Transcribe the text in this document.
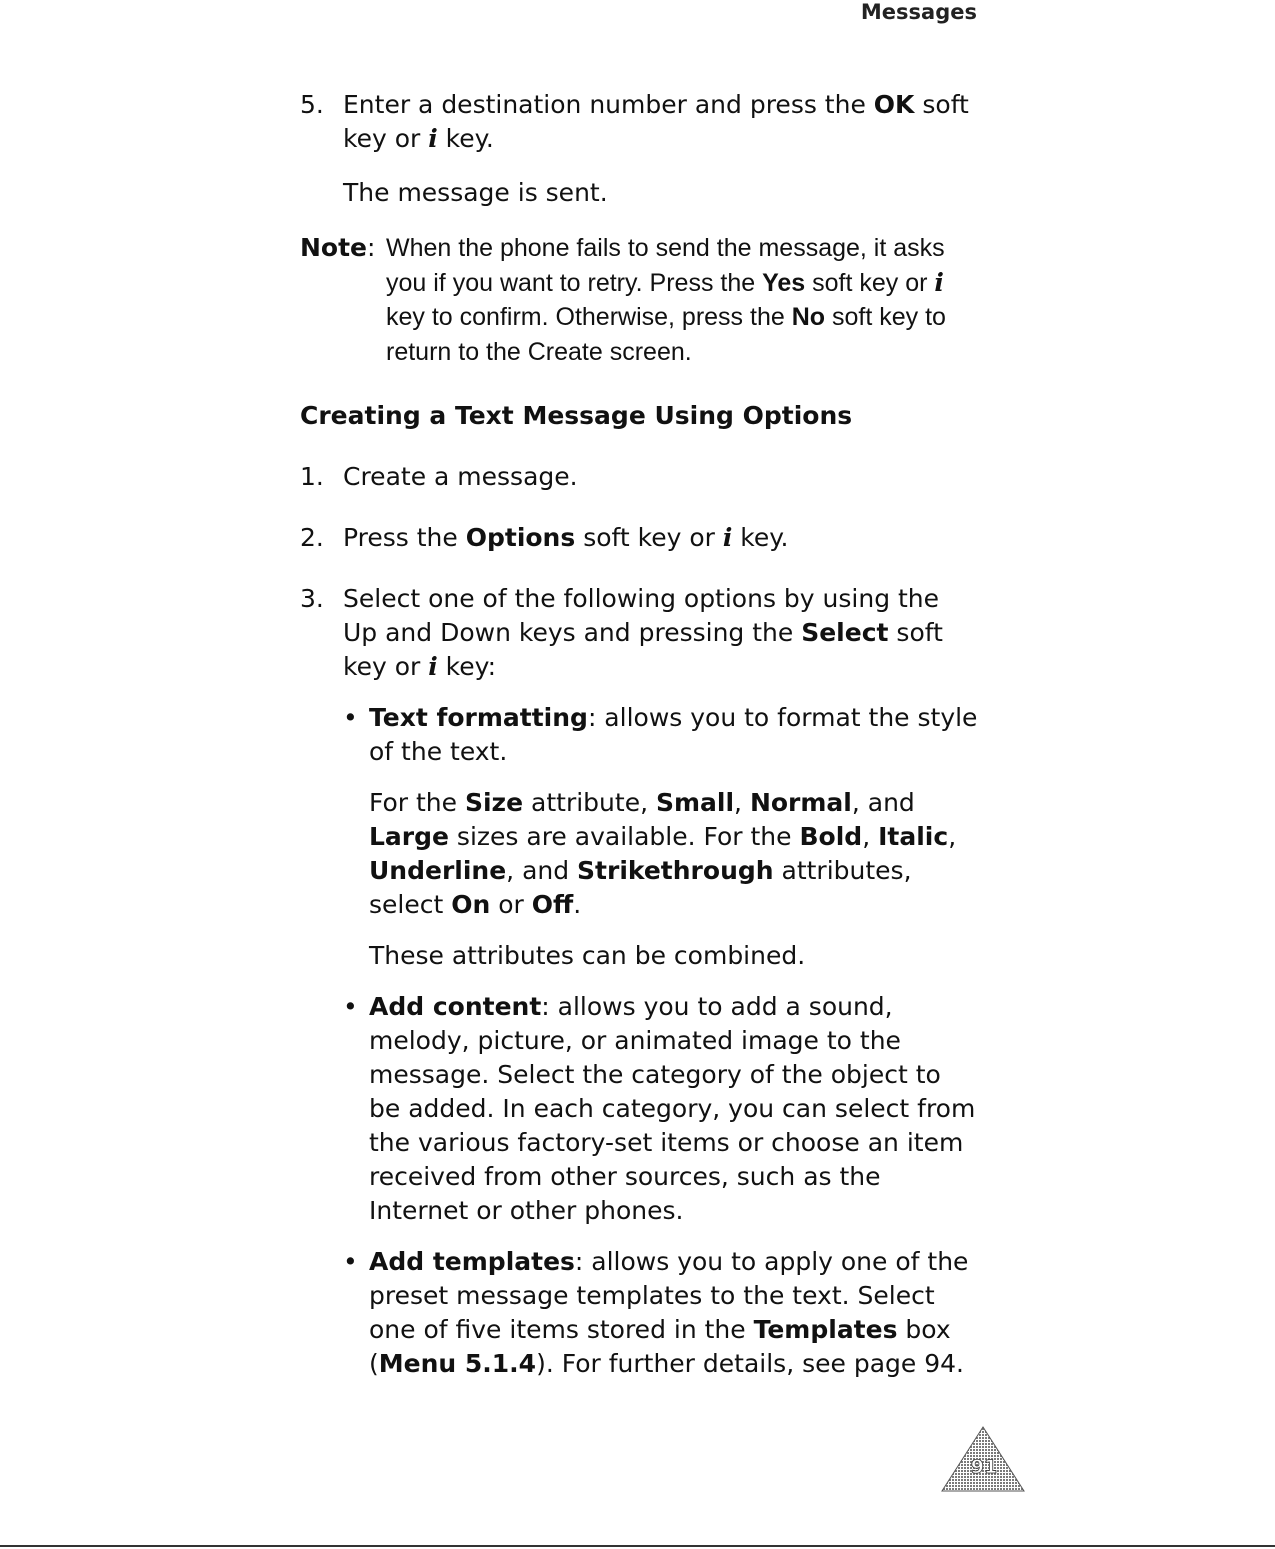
Messages
5. Enter a destination number and press the OK soft key or i key.
The message is sent.
Note: When the phone fails to send the message, it asks you if you want to retry. Press the Yes soft key or i key to confirm. Otherwise, press the No soft key to return to the Create screen.
Creating a Text Message Using Options
1. Create a message.
2. Press the Options soft key or i key.
3. Select one of the following options by using the Up and Down keys and pressing the Select soft key or i key:
• Text formatting: allows you to format the style of the text.
For the Size attribute, Small, Normal, and Large sizes are available. For the Bold, Italic, Underline, and Strikethrough attributes, select On or Off.
These attributes can be combined.
• Add content: allows you to add a sound, melody, picture, or animated image to the message. Select the category of the object to be added. In each category, you can select from the various factory-set items or choose an item received from other sources, such as the Internet or other phones.
• Add templates: allows you to apply one of the preset message templates to the text. Select one of five items stored in the Templates box (Menu 5.1.4). For further details, see page 94.
91
